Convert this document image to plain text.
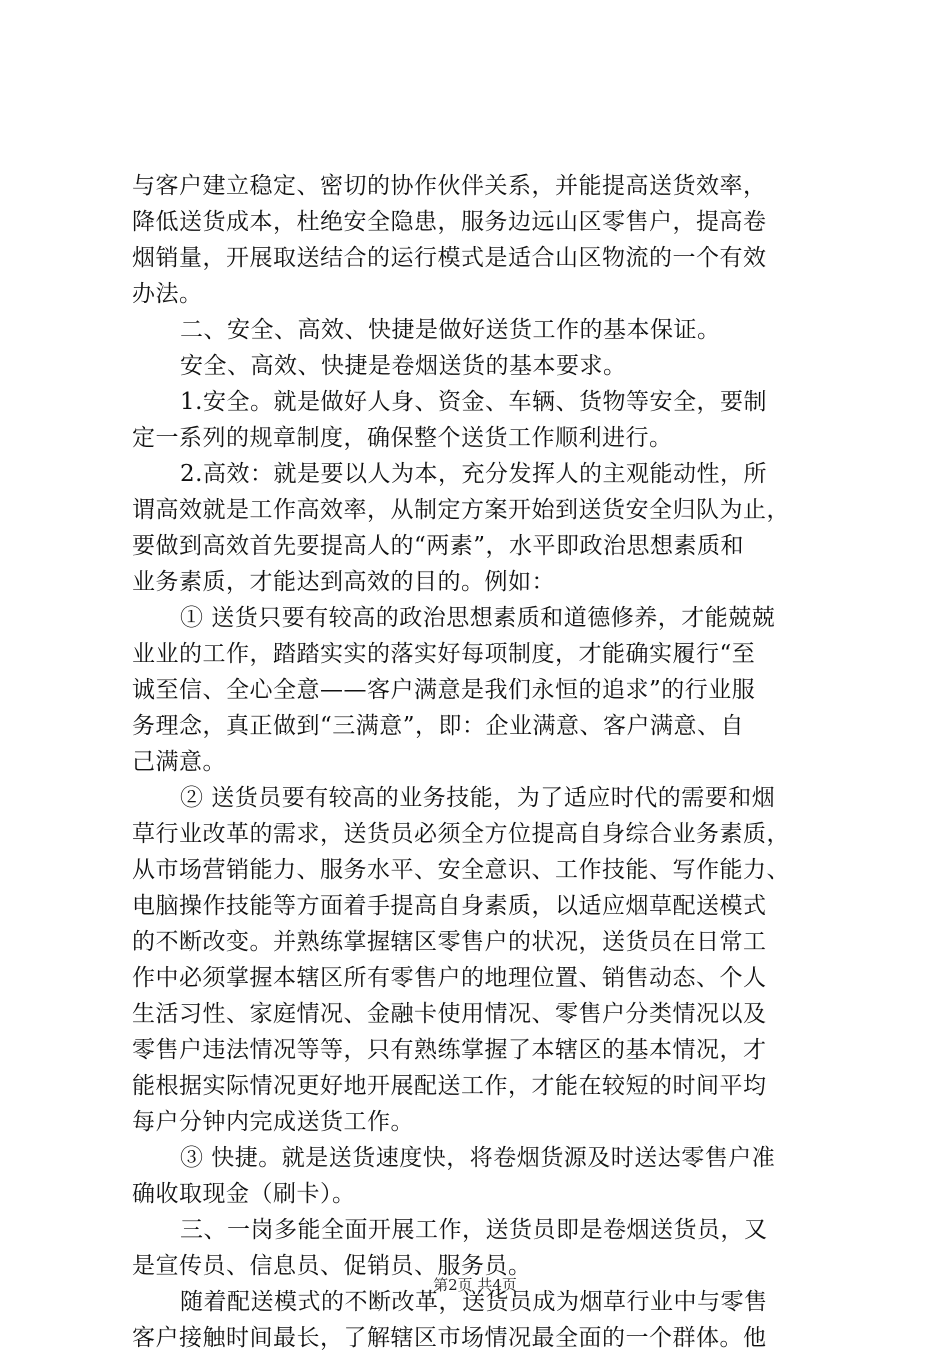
与客户建立稳定、密切的协作伙伴关系，并能提高送货效率，
降低送货成本，杜绝安全隐患，服务边远山区零售户，提高卷
烟销量，开展取送结合的运行模式是适合山区物流的一个有效
办法。
二、安全、高效、快捷是做好送货工作的基本保证。
安全、高效、快捷是卷烟送货的基本要求。
1.安全。就是做好人身、资金、车辆、货物等安全，要制
定一系列的规章制度，确保整个送货工作顺利进行。
2.高效：就是要以人为本，充分发挥人的主观能动性，所
谓高效就是工作高效率，从制定方案开始到送货安全归队为止，
要做到高效首先要提高人的“两素”，水平即政治思想素质和
业务素质，才能达到高效的目的。例如：
① 送货只要有较高的政治思想素质和道德修养，才能兢兢
业业的工作，踏踏实实的落实好每项制度，才能确实履行“至
诚至信、全心全意——客户满意是我们永恒的追求”的行业服
务理念，真正做到“三满意”，即：企业满意、客户满意、自
己满意。
② 送货员要有较高的业务技能，为了适应时代的需要和烟
草行业改革的需求，送货员必须全方位提高自身综合业务素质，
从市场营销能力、服务水平、安全意识、工作技能、写作能力、
电脑操作技能等方面着手提高自身素质，以适应烟草配送模式
的不断改变。并熟练掌握辖区零售户的状况，送货员在日常工
作中必须掌握本辖区所有零售户的地理位置、销售动态、个人
生活习性、家庭情况、金融卡使用情况、零售户分类情况以及
零售户违法情况等等，只有熟练掌握了本辖区的基本情况，才
能根据实际情况更好地开展配送工作，才能在较短的时间平均
每户分钟内完成送货工作。
③ 快捷。就是送货速度快，将卷烟货源及时送达零售户准
确收取现金（刷卡）。
三、一岗多能全面开展工作，送货员即是卷烟送货员，又
是宣传员、信息员、促销员、服务员。
随着配送模式的不断改革，送货员成为烟草行业中与零售
客户接触时间最长，了解辖区市场情况最全面的一个群体。他
第2页 共4页
